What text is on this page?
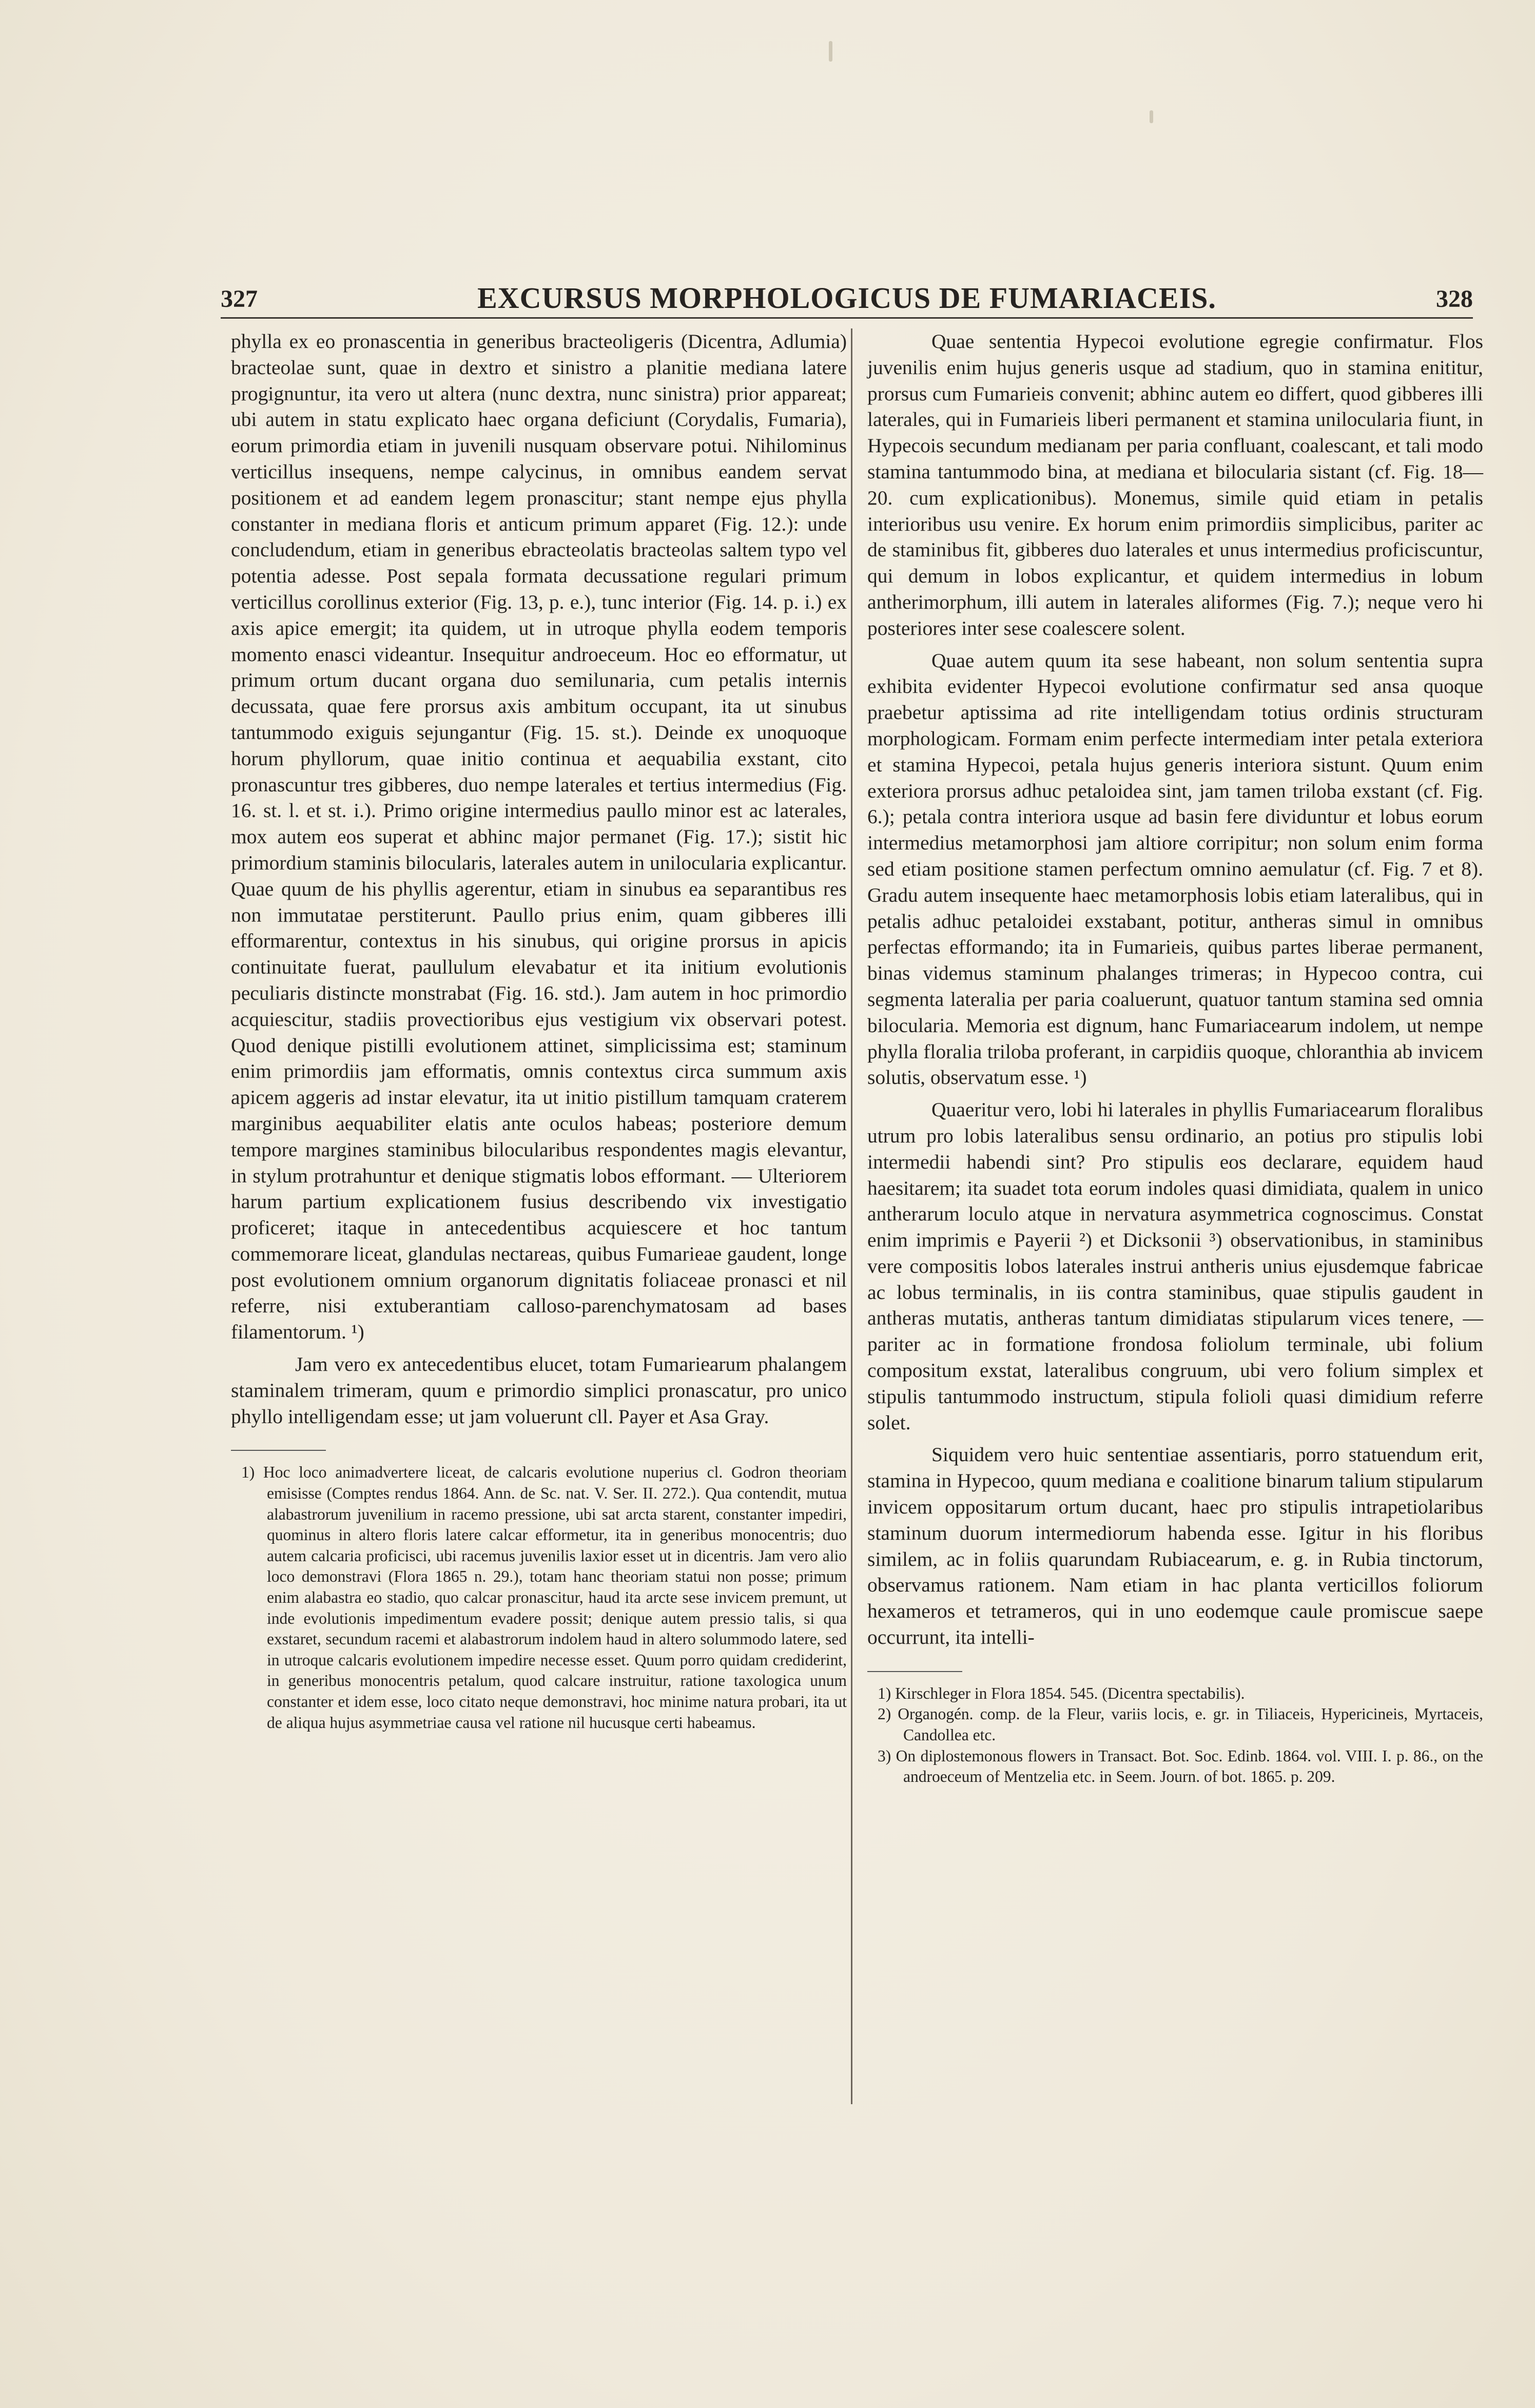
327	EXCURSUS MORPHOLOGICUS DE FUMARIACEIS.	328

phylla ex eo pronascentia in generibus bracteoligeris (Dicentra, Adlumia) bracteolae sunt, quae in dextro et sinistro a planitie mediana latere progignuntur, ita vero ut altera (nunc dextra, nunc sinistra) prior appareat; ubi autem in statu explicato haec organa deficiunt (Corydalis, Fumaria), eorum primordia etiam in juvenili nusquam observare potui. Nihilominus verticillus insequens, nempe calycinus, in omnibus eandem servat positionem et ad eandem legem pronascitur; stant nempe ejus phylla constanter in mediana floris et anticum primum apparet (Fig. 12.): unde concludendum, etiam in generibus ebracteolatis bracteolas saltem typo vel potentia adesse. Post sepala formata decussatione regulari primum verticillus corollinus exterior (Fig. 13, p. e.), tunc interior (Fig. 14. p. i.) ex axis apice emergit; ita quidem, ut in utroque phylla eodem temporis momento enasci videantur. Insequitur androeceum. Hoc eo efformatur, ut primum ortum ducant organa duo semilunaria, cum petalis internis decussata, quae fere prorsus axis ambitum occupant, ita ut sinubus tantummodo exiguis sejungantur (Fig. 15. st.). Deinde ex unoquoque horum phyllorum, quae initio continua et aequabilia exstant, cito pronascuntur tres gibberes, duo nempe laterales et tertius intermedius (Fig. 16. st. l. et st. i.). Primo origine intermedius paullo minor est ac laterales, mox autem eos superat et abhinc major permanet (Fig. 17.); sistit hic primordium staminis bilocularis, laterales autem in unilocularia explicantur. Quae quum de his phyllis agerentur, etiam in sinubus ea separantibus res non immutatae perstiterunt. Paullo prius enim, quam gibberes illi efformarentur, contextus in his sinubus, qui origine prorsus in apicis continuitate fuerat, paullulum elevabatur et ita initium evolutionis peculiaris distincte monstrabat (Fig. 16. std.). Jam autem in hoc primordio acquiescitur, stadiis provectioribus ejus vestigium vix observari potest. Quod denique pistilli evolutionem attinet, simplicissima est; staminum enim primordiis jam efformatis, omnis contextus circa summum axis apicem aggeris ad instar elevatur, ita ut initio pistillum tamquam craterem marginibus aequabiliter elatis ante oculos habeas; posteriore demum tempore margines staminibus bilocularibus respondentes magis elevantur, in stylum protrahuntur et denique stigmatis lobos efformant. — Ulteriorem harum partium explicationem fusius describendo vix investigatio proficeret; itaque in antecedentibus acquiescere et hoc tantum commemorare liceat, glandulas nectareas, quibus Fumarieae gaudent, longe post evolutionem omnium organorum dignitatis foliaceae pronasci et nil referre, nisi extuberantiam calloso-parenchymatosam ad bases filamentorum. ¹)

Jam vero ex antecedentibus elucet, totam Fumariearum phalangem staminalem trimeram, quum e primordio simplici pronascatur, pro unico phyllo intelligendam esse; ut jam voluerunt cll. Payer et Asa Gray.

1) Hoc loco animadvertere liceat, de calcaris evolutione nuperius cl. Godron theoriam emisisse (Comptes rendus 1864. Ann. de Sc. nat. V. Ser. II. 272.). Qua contendit, mutua alabastrorum juvenilium in racemo pressione, ubi sat arcta starent, constanter impediri, quominus in altero floris latere calcar efformetur, ita in generibus monocentris; duo autem calcaria proficisci, ubi racemus juvenilis laxior esset ut in dicentris. Jam vero alio loco demonstravi (Flora 1865 n. 29.), totam hanc theoriam statui non posse; primum enim alabastra eo stadio, quo calcar pronascitur, haud ita arcte sese invicem premunt, ut inde evolutionis impedimentum evadere possit; denique autem pressio talis, si qua exstaret, secundum racemi et alabastrorum indolem haud in altero solummodo latere, sed in utroque calcaris evolutionem impedire necesse esset. Quum porro quidam crediderint, in generibus monocentris petalum, quod calcare instruitur, ratione taxologica unum constanter et idem esse, loco citato neque demonstravi, hoc minime natura probari, ita ut de aliqua hujus asymmetriae causa vel ratione nil hucusque certi habeamus.

Quae sententia Hypecoi evolutione egregie confirmatur. Flos juvenilis enim hujus generis usque ad stadium, quo in stamina enititur, prorsus cum Fumarieis convenit; abhinc autem eo differt, quod gibberes illi laterales, qui in Fumarieis liberi permanent et stamina unilocularia fiunt, in Hypecois secundum medianam per paria confluant, coalescant, et tali modo stamina tantummodo bina, at mediana et bilocularia sistant (cf. Fig. 18—20. cum explicationibus). Monemus, simile quid etiam in petalis interioribus usu venire. Ex horum enim primordiis simplicibus, pariter ac de staminibus fit, gibberes duo laterales et unus intermedius proficiscuntur, qui demum in lobos explicantur, et quidem intermedius in lobum antherimorphum, illi autem in laterales aliformes (Fig. 7.); neque vero hi posteriores inter sese coalescere solent.

Quae autem quum ita sese habeant, non solum sententia supra exhibita evidenter Hypecoi evolutione confirmatur sed ansa quoque praebetur aptissima ad rite intelligendam totius ordinis structuram morphologicam. Formam enim perfecte intermediam inter petala exteriora et stamina Hypecoi, petala hujus generis interiora sistunt. Quum enim exteriora prorsus adhuc petaloidea sint, jam tamen triloba exstant (cf. Fig. 6.); petala contra interiora usque ad basin fere dividuntur et lobus eorum intermedius metamorphosi jam altiore corripitur; non solum enim forma sed etiam positione stamen perfectum omnino aemulatur (cf. Fig. 7 et 8). Gradu autem insequente haec metamorphosis lobis etiam lateralibus, qui in petalis adhuc petaloidei exstabant, potitur, antheras simul in omnibus perfectas efformando; ita in Fumarieis, quibus partes liberae permanent, binas videmus staminum phalanges trimeras; in Hypecoo contra, cui segmenta lateralia per paria coaluerunt, quatuor tantum stamina sed omnia bilocularia. Memoria est dignum, hanc Fumariacearum indolem, ut nempe phylla floralia triloba proferant, in carpidiis quoque, chloranthia ab invicem solutis, observatum esse. ¹)

Quaeritur vero, lobi hi laterales in phyllis Fumariacearum floralibus utrum pro lobis lateralibus sensu ordinario, an potius pro stipulis lobi intermedii habendi sint? Pro stipulis eos declarare, equidem haud haesitarem; ita suadet tota eorum indoles quasi dimidiata, qualem in unico antherarum loculo atque in nervatura asymmetrica cognoscimus. Constat enim imprimis e Payerii ²) et Dicksonii ³) observationibus, in staminibus vere compositis lobos laterales instrui antheris unius ejusdemque fabricae ac lobus terminalis, in iis contra staminibus, quae stipulis gaudent in antheras mutatis, antheras tantum dimidiatas stipularum vices tenere, — pariter ac in formatione frondosa foliolum terminale, ubi folium compositum exstat, lateralibus congruum, ubi vero folium simplex et stipulis tantummodo instructum, stipula folioli quasi dimidium referre solet.

Siquidem vero huic sententiae assentiaris, porro statuendum erit, stamina in Hypecoo, quum mediana e coalitione binarum talium stipularum invicem oppositarum ortum ducant, haec pro stipulis intrapetiolaribus staminum duorum intermediorum habenda esse. Igitur in his floribus similem, ac in foliis quarundam Rubiacearum, e. g. in Rubia tinctorum, observamus rationem. Nam etiam in hac planta verticillos foliorum hexameros et tetrameros, qui in uno eodemque caule promiscue saepe occurrunt, ita intelli-

1) Kirschleger in Flora 1854. 545. (Dicentra spectabilis).

2) Organogén. comp. de la Fleur, variis locis, e. gr. in Tiliaceis, Hypericineis, Myrtaceis, Candollea etc.

3) On diplostemonous flowers in Transact. Bot. Soc. Edinb. 1864. vol. VIII. I. p. 86., on the androeceum of Mentzelia etc. in Seem. Journ. of bot. 1865. p. 209.
